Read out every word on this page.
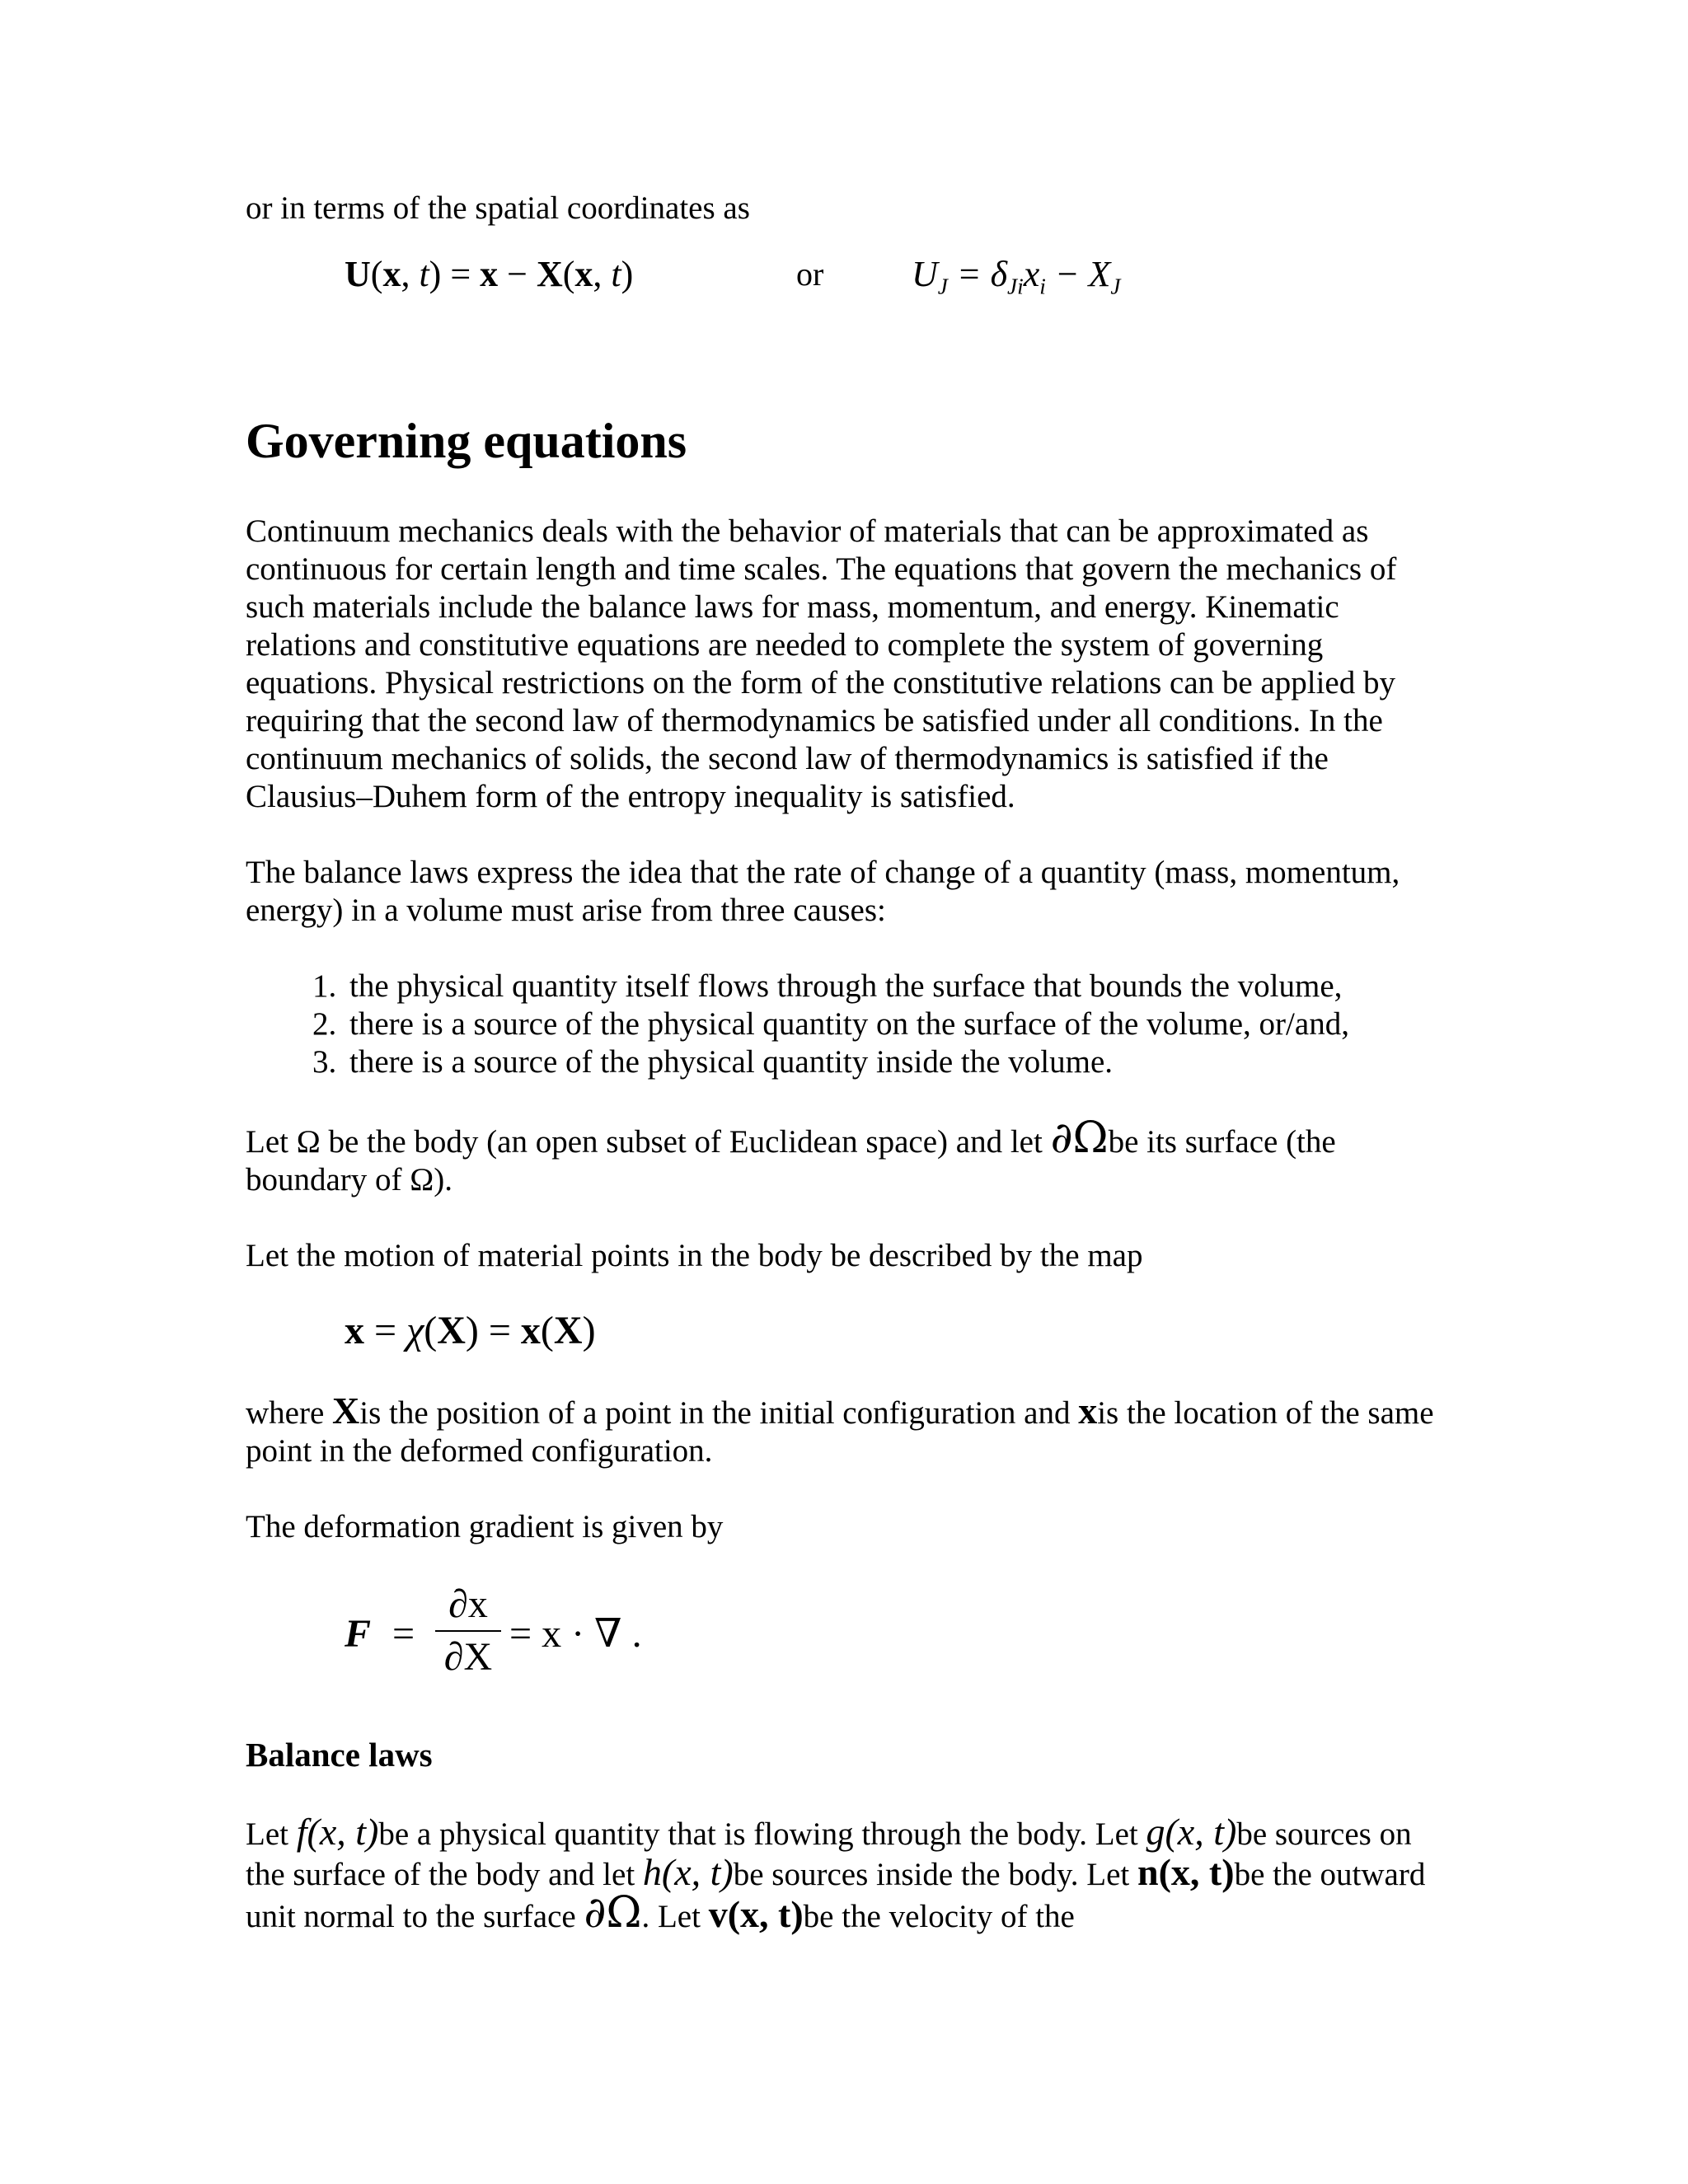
or in terms of the spatial coordinates as

U(x, t) = x − X(x, t)	or $U_J = \delta_{Ji}x_i - X_J$
Governing equations

Continuum mechanics deals with the behavior of materials that can be approximated as continuous for certain length and time scales. The equations that govern the mechanics of such materials include the balance laws for mass, momentum, and energy. Kinematic relations and constitutive equations are needed to complete the system of governing equations. Physical restrictions on the form of the constitutive relations can be applied by requiring that the second law of thermodynamics be satisfied under all conditions. In the continuum mechanics of solids, the second law of thermodynamics is satisfied if the Clausius–Duhem form of the entropy inequality is satisfied.

The balance laws express the idea that the rate of change of a quantity (mass, momentum, energy) in a volume must arise from three causes:

1. the physical quantity itself flows through the surface that bounds the volume,
2. there is a source of the physical quantity on the surface of the volume, or/and,
3. there is a source of the physical quantity inside the volume.

Let Ω be the body (an open subset of Euclidean space) and let ∂Ωbe its surface (the boundary of Ω).

Let the motion of material points in the body be described by the map

x = χ(X) = x(X)

where Xis the position of a point in the initial configuration and xis the location of the same point in the deformed configuration.

The deformation gradient is given by

$F = \frac{\partial x}{\partial X} = x$ · ∇ .
Balance laws

Let f(x, t)be a physical quantity that is flowing through the body. Let g(x, t)be sources on the surface of the body and let h(x, t)be sources inside the body. Let n(x, t)be the outward unit normal to the surface ∂Ω. Let v(x, t)be the velocity of the
